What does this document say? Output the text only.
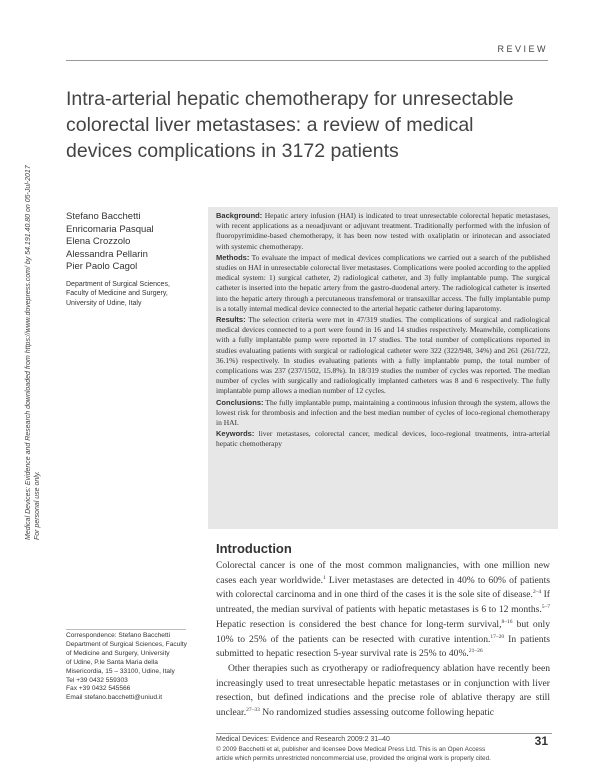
REVIEW
Intra-arterial hepatic chemotherapy for unresectable colorectal liver metastases: a review of medical devices complications in 3172 patients
Medical Devices: Evidence and Research downloaded from https://www.dovepress.com/ by 54.191.40.80 on 05-Jul-2017 For personal use only.
Stefano Bacchetti
Enricomaria Pasqual
Elena Crozzolo
Alessandra Pellarin
Pier Paolo Cagol
Department of Surgical Sciences,
Faculty of Medicine and Surgery,
University of Udine, Italy

Background: Hepatic artery infusion (HAI) is indicated to treat unresectable colorectal hepatic metastases, with recent applications as a neoadjuvant or adjuvant treatment. Traditionally performed with the infusion of fluoropyrimidine-based chemotherapy, it has been now tested with oxaliplatin or irinotecan and associated with systemic chemotherapy.

Methods: To evaluate the impact of medical devices complications we carried out a search of the published studies on HAI in unresectable colorectal liver metastases. Complications were pooled according to the applied medical system: 1) surgical catheter, 2) radiological catheter, and 3) fully implantable pump. The surgical catheter is inserted into the hepatic artery from the gastro-duodenal artery. The radiological catheter is inserted into the hepatic artery through a percutaneous transfemoral or transaxillar access. The fully implantable pump is a totally internal medical device connected to the arterial hepatic catheter during laparotomy.

Results: The selection criteria were met in 47/319 studies. The complications of surgical and radiological medical devices connected to a port were found in 16 and 14 studies respectively. Meanwhile, complications with a fully implantable pump were reported in 17 studies. The total number of complications reported in studies evaluating patients with surgical or radiological catheter were 322 (322/948, 34%) and 261 (261/722, 36.1%) respectively. In studies evaluating patients with a fully implantable pump, the total number of complications was 237 (237/1502, 15.8%). In 18/319 studies the number of cycles was reported. The median number of cycles with surgically and radiologically implanted catheters was 8 and 6 respectively. The fully implantable pump allows a median number of 12 cycles.

Conclusions: The fully implantable pump, maintaining a continuous infusion through the system, allows the lowest risk for thrombosis and infection and the best median number of cycles of loco-regional chemotherapy in HAI.

Keywords: liver metastases, colorectal cancer, medical devices, loco-regional treatments, intra-arterial hepatic chemotherapy

Introduction

Colorectal cancer is one of the most common malignancies, with one million new cases each year worldwide.$^1$ Liver metastases are detected in 40% to 60% of patients with colorectal carcinoma and in one third of the cases it is the sole site of disease.$^{2-4}$ If untreated, the median survival of patients with hepatic metastases is 6 to 12 months.$^{5-7}$ Hepatic resection is considered the best chance for long-term survival,$^{8-16}$ but only 10% to 25% of the patients can be resected with curative intention.$^{17-20}$ In patients submitted to hepatic resection 5-year survival rate is 25% to 40%.$^{21-26}$

Other therapies such as cryotherapy or radiofrequency ablation have recently been increasingly used to treat unresectable hepatic metastases or in conjunction with liver resection, but defined indications and the precise role of ablative therapy are still unclear.$^{27-33}$ No randomized studies assessing outcome following hepatic

Correspondence: Stefano Bacchetti
Department of Surgical Sciences, Faculty
of Medicine and Surgery, University
of Udine, P.le Santa Maria della
Misericordia, 15 – 33100, Udine, Italy
Tel +39 0432 559303
Fax +39 0432 545566
Email stefano.bacchetti@uniud.it
Medical Devices: Evidence and Research 2009:2 31–40	31
© 2009 Bacchetti et al, publisher and licensee Dove Medical Press Ltd. This is an Open Access
article which permits unrestricted noncommercial use, provided the original work is properly cited.
